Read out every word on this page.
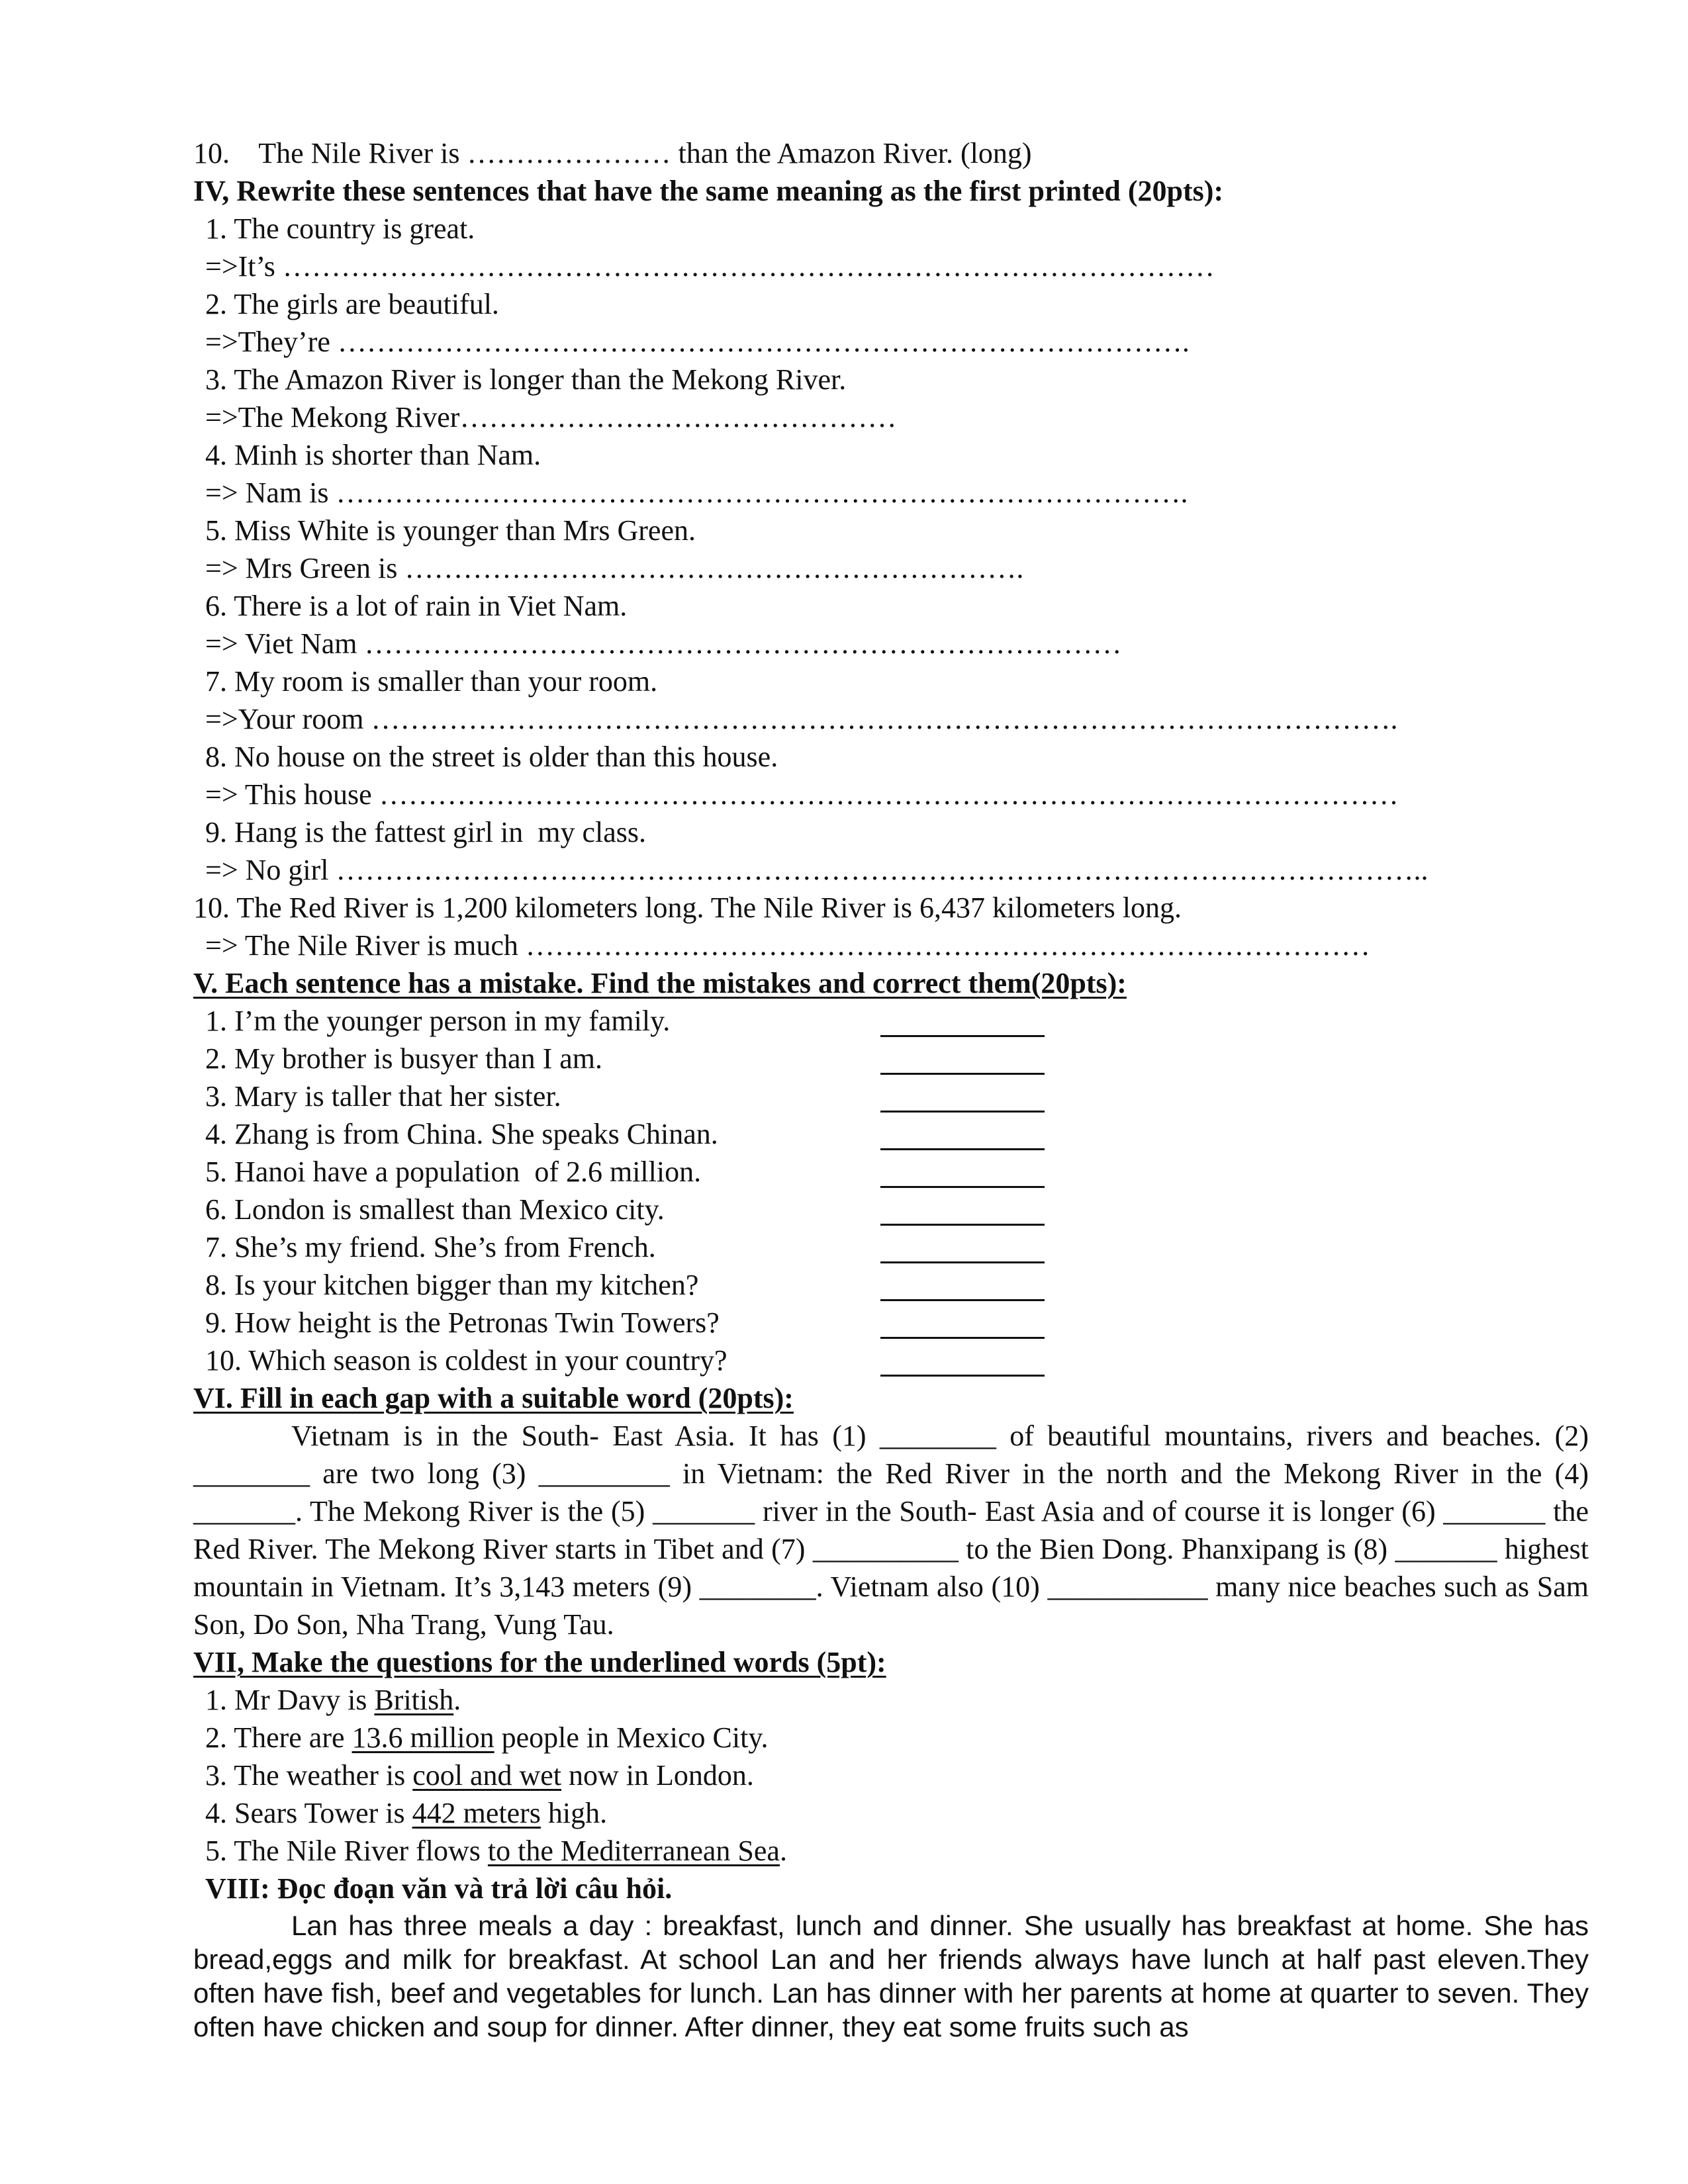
10. The Nile River is ………………… than the Amazon River. (long)
IV, Rewrite these sentences that have the same meaning as the first printed (20pts):
1. The country is great.
=>It’s ……………………………………………………………………………………
2. The girls are beautiful.
=>They’re …………………………………………………………………………….
3. The Amazon River is longer than the Mekong River.
=>The Mekong River………………………………………
4. Minh is shorter than Nam.
=> Nam is …………………………………………………………………………….
5. Miss White is younger than Mrs Green.
=> Mrs Green is ……………………………………………………….
6. There is a lot of rain in Viet Nam.
=> Viet Nam ……………………………………………………………………
7. My room is smaller than your room.
=>Your room …………………………………………………………………………………………….
8. No house on the street is older than this house.
=> This house ……………………………………………………………………………………………
9. Hang is the fattest girl in  my class.
=> No girl …………………………………………………………………………………………………..
10. The Red River is 1,200 kilometers long. The Nile River is 6,437 kilometers long.
=> The Nile River is much ……………………………………………………………………………
V. Each sentence has a mistake. Find the mistakes and correct them(20pts):
1. I’m the younger person in my family.
2. My brother is busyer than I am.
3. Mary is taller that her sister.
4. Zhang is from China. She speaks Chinan.
5. Hanoi have a population  of 2.6 million.
6. London is smallest than Mexico city.
7. She’s my friend. She’s from French.
8. Is your kitchen bigger than my kitchen?
9. How height is the Petronas Twin Towers?
10. Which season is coldest in your country?
VI. Fill in each gap with a suitable word (20pts):
Vietnam is in the South- East Asia. It has (1) ________ of beautiful mountains, rivers and beaches. (2) ________ are two long (3) _________ in Vietnam: the Red River in the north and the Mekong River in the (4) _______. The Mekong River is the (5) _______ river in the South- East Asia and of course it is longer (6) _______ the Red River. The Mekong River starts in Tibet and (7) __________ to the Bien Dong. Phanxipang is (8) _______ highest mountain in Vietnam. It’s 3,143 meters (9) ________. Vietnam also (10) ___________ many nice beaches such as Sam Son, Do Son, Nha Trang, Vung Tau.
VII, Make the questions for the underlined words (5pt):
1. Mr Davy is British.
2. There are 13.6 million people in Mexico City.
3. The weather is cool and wet now in London.
4. Sears Tower is 442 meters high.
5. The Nile River flows to the Mediterranean Sea.
VIII: Đọc đoạn văn và trả lời câu hỏi.
Lan has three meals a day : breakfast, lunch and dinner. She usually has breakfast at home. She has bread,eggs and milk for breakfast. At school Lan and her friends always have lunch at half past eleven.They often have fish, beef and vegetables for lunch. Lan has dinner with her parents at home at quarter to seven. They often have chicken and soup for dinner. After dinner, they eat some fruits such as
